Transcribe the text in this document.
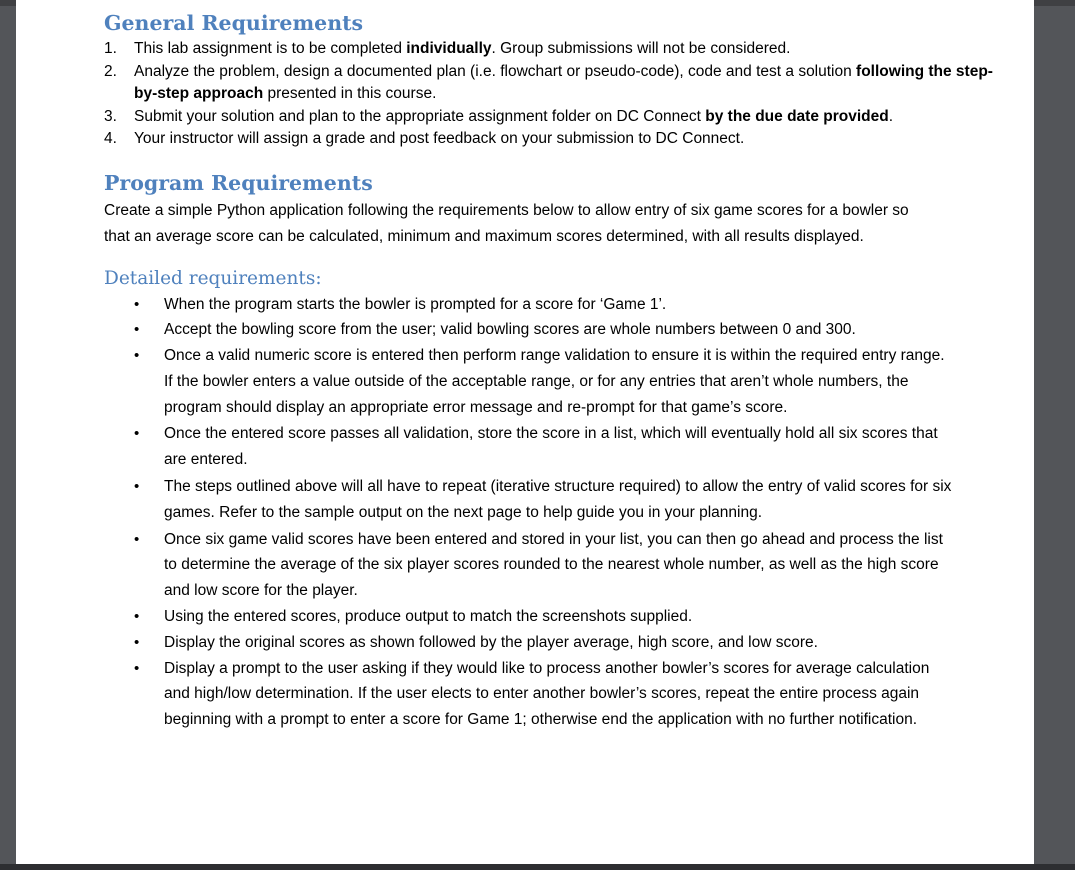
General Requirements
1. This lab assignment is to be completed individually. Group submissions will not be considered.
2. Analyze the problem, design a documented plan (i.e. flowchart or pseudo-code), code and test a solution following the step-by-step approach presented in this course.
3. Submit your solution and plan to the appropriate assignment folder on DC Connect by the due date provided.
4. Your instructor will assign a grade and post feedback on your submission to DC Connect.
Program Requirements

Create a simple Python application following the requirements below to allow entry of six game scores for a bowler so that an average score can be calculated, minimum and maximum scores determined, with all results displayed.

Detailed requirements:
• When the program starts the bowler is prompted for a score for ‘Game 1’.
• Accept the bowling score from the user; valid bowling scores are whole numbers between 0 and 300.
• Once a valid numeric score is entered then perform range validation to ensure it is within the required entry range. If the bowler enters a value outside of the acceptable range, or for any entries that aren’t whole numbers, the program should display an appropriate error message and re-prompt for that game’s score.
• Once the entered score passes all validation, store the score in a list, which will eventually hold all six scores that are entered.
• The steps outlined above will all have to repeat (iterative structure required) to allow the entry of valid scores for six games. Refer to the sample output on the next page to help guide you in your planning.
• Once six game valid scores have been entered and stored in your list, you can then go ahead and process the list to determine the average of the six player scores rounded to the nearest whole number, as well as the high score and low score for the player.
• Using the entered scores, produce output to match the screenshots supplied.
• Display the original scores as shown followed by the player average, high score, and low score.
• Display a prompt to the user asking if they would like to process another bowler’s scores for average calculation and high/low determination. If the user elects to enter another bowler’s scores, repeat the entire process again beginning with a prompt to enter a score for Game 1; otherwise end the application with no further notification.
